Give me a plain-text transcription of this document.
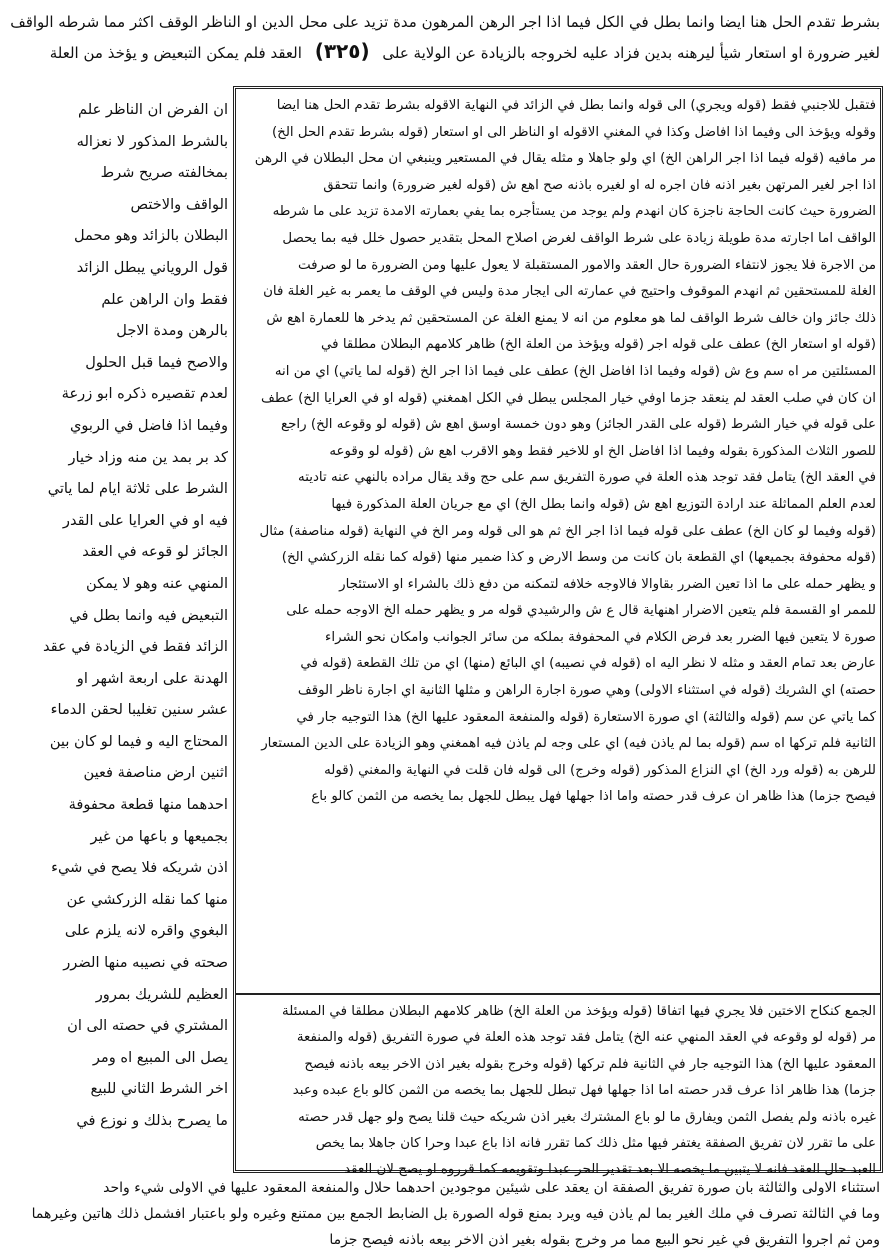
بشرط تقدم الحل هنا ايضا وانما بطل في الكل فيما اذا اجر الرهن المرهون مدة تزيد على محل الدين او الناظر الوقف اكثر مما شرطه الواقف
لغير ضرورة او استعار شيأ ليرهنه بدين فزاد عليه لخروجه بالزيادة عن الولاية على (٣٢٥) العقد فلم يمكن التبعيض و يؤخذ من العلة
فتقبل للاجنبي فقط (قوله ويجري) الى قوله وانما بطل في الزائد في النهاية الاقوله بشرط تقدم الحل هنا ايضا
وقوله ويؤخذ الى وفيما اذا افاضل وكذا في المغني الاقوله او الناظر الى او استعار (قوله بشرط تقدم الحل الخ)
مر مافيه (قوله فيما اذا اجر الراهن الخ) اي ولو جاهلا و مثله يقال في المستعير وينبغي ان محل البطلان في الرهن
اذا اجر لغير المرتهن بغير اذنه فان اجره له او لغيره باذنه صح اهع ش (قوله لغير ضرورة) وانما تتحقق
الضرورة حيث كانت الحاجة ناجزة كان انهدم ولم يوجد من يستأجره بما يفي بعمارته الامدة تزيد على ما شرطه
الواقف اما اجارته مدة طويلة زيادة على شرط الواقف لغرض اصلاح المحل بتقدير حصول خلل فيه بما يحصل
من الاجرة فلا يجوز لانتفاء الضرورة حال العقد والامور المستقبلة لا يعول عليها ومن الضرورة ما لو صرفت
الغلة للمستحقين ثم انهدم الموقوف واحتيج في عمارته الى ايجار مدة وليس في الوقف ما يعمر به غير الغلة فان
ذلك جائز وان خالف شرط الواقف لما هو معلوم من انه لا يمنع الغلة عن المستحقين ثم يدخر ها للعمارة اهع ش
(قوله او استعار الخ) عطف على قوله اجر (قوله ويؤخذ من العلة الخ) ظاهر كلامهم البطلان مطلقا في
المسئلتين مر اه سم وع ش (قوله وفيما اذا افاضل الخ) عطف على فيما اذا اجر الخ (قوله لما ياتي) اي من انه
ان كان في صلب العقد لم ينعقد جزما اوفي خيار المجلس يبطل في الكل اهمغني (قوله او في العرايا الخ) عطف
على قوله في خيار الشرط (قوله على القدر الجائز) وهو دون خمسة اوسق اهع ش (قوله لو وقوعه الخ) راجع
للصور الثلاث المذكورة بقوله وفيما اذا افاضل الخ او للاخير فقط وهو الاقرب اهع ش (قوله لو وقوعه
في العقد الخ) يتامل فقد توجد هذه العلة في صورة التفريق سم على حج وقد يقال مراده بالنهي عنه تاديته
لعدم العلم المماثلة عند ارادة التوزيع اهع ش (قوله وانما بطل الخ) اي مع جريان العلة المذكورة فيها
(قوله وفيما لو كان الخ) عطف على قوله فيما اذا اجر الخ ثم هو الى قوله ومر الخ في النهاية (قوله مناصفة) مثال
(قوله محفوفة بجميعها) اي القطعة بان كانت من وسط الارض و كذا ضمير منها (قوله كما نقله الزركشي الخ)
و يظهر حمله على ما اذا تعين الضرر بقاوالا فالاوجه خلافه لتمكنه من دفع ذلك بالشراء او الاستئجار
للممر او القسمة فلم يتعين الاضرار اهنهاية قال ع ش والرشيدي قوله مر و يظهر حمله الخ الاوجه حمله على
صورة لا يتعين فيها الضرر بعد فرض الكلام في المحفوفة بملكه من سائر الجوانب وامكان نحو الشراء
عارض بعد تمام العقد و مثله لا نظر اليه اه (قوله في نصيبه) اي البائع (منها) اي من تلك القطعة (قوله في
حصته) اي الشريك (قوله في استثناء الاولى) وهي صورة اجارة الراهن و مثلها الثانية اي اجارة ناظر الوقف
كما ياتي عن سم (قوله والثالثة) اي صورة الاستعارة (قوله والمنفعة المعقود عليها الخ) هذا التوجيه جار في
الثانية فلم تركها اه سم (قوله بما لم ياذن فيه) اي على وجه لم ياذن فيه اهمغني وهو الزيادة على الدين المستعار
للرهن به (قوله ورد الخ) اي النزاع المذكور (قوله وخرج) الى قوله فان قلت في النهاية والمغني (قوله
فيصح جزما) هذا ظاهر ان عرف قدر حصته واما اذا جهلها فهل يبطل للجهل بما يخصه من الثمن كالو باع
الجمع كنكاح الاختين فلا يجري فيها اتفاقا (قوله ويؤخذ من العلة الخ) ظاهر كلامهم البطلان مطلقا في المسئلة
مر (قوله لو وقوعه في العقد المنهي عنه الخ) يتامل فقد توجد هذه العلة في صورة التفريق (قوله والمنفعة
المعقود عليها الخ) هذا التوجيه جار في الثانية فلم تركها (قوله وخرج بقوله بغير اذن الاخر بيعه باذنه فيصح
جزما) هذا ظاهر اذا عرف قدر حصته اما اذا جهلها فهل تبطل للجهل بما يخصه من الثمن كالو باع عبده وعبد
غيره باذنه ولم يفصل الثمن ويفارق ما لو باع المشترك بغير اذن شريكه حيث قلنا يصح ولو جهل قدر حصته
على ما تقرر لان تفريق الصفقة يغتفر فيها مثل ذلك كما تقرر فانه اذا باع عبدا وحرا كان جاهلا بما يخص
العبد حال العقد فانه لا يتبين ما يخصه الا بعد تقدير الحر عبدا وتقويمه كما قرروه او يصح لان العقد
ان الفرض ان الناظر علم
بالشرط المذكور لا نعزاله
بمخالفته صريح شرط
الواقف والاختص
البطلان بالزائد وهو محمل
قول الروياني يبطل الزائد
فقط وان الراهن علم
بالرهن ومدة الاجل
والاصح فيما قبل الحلول
لعدم تقصيره ذكره ابو زرعة
وفيما اذا فاضل في الربوي
كد بر بمد ين منه وزاد خيار
الشرط على ثلاثة ايام لما ياتي
فيه او في العرايا على القدر
الجائز لو قوعه في العقد
المنهي عنه وهو لا يمكن
التبعيض فيه وانما بطل في
الزائد فقط في الزيادة في عقد
الهدنة على اربعة اشهر او
عشر سنين تغليبا لحقن الدماء
المحتاج اليه و فيما لو كان بين
اثنين ارض مناصفة فعين
احدهما منها قطعة محفوفة
بجميعها و باعها من غير
اذن شريكه فلا يصح في شيء
منها كما نقله الزركشي عن
البغوي واقره لانه يلزم على
صحته في نصيبه منها الضرر
العظيم للشريك بمرور
المشتري في حصته الى ان
يصل الى المبيع اه ومر
اخر الشرط الثاني للبيع
ما يصرح بذلك و نوزع في
استثناء الاولى والثالثة بان صورة تفريق الصفقة ان يعقد على شيئين موجودين احدهما حلال والمنفعة المعقود عليها في الاولى شيء واحد
وما في الثالثة تصرف في ملك الغير بما لم ياذن فيه ويرد بمنع قوله الصورة بل الضابط الجمع بين ممتنع وغيره ولو باعتبار افشمل ذلك هاتين وغيرهما
ومن ثم اجروا التفريق في غير نحو البيع مما مر وخرج بقوله بغير اذن الاخر بيعه باذنه فيصح جزما
